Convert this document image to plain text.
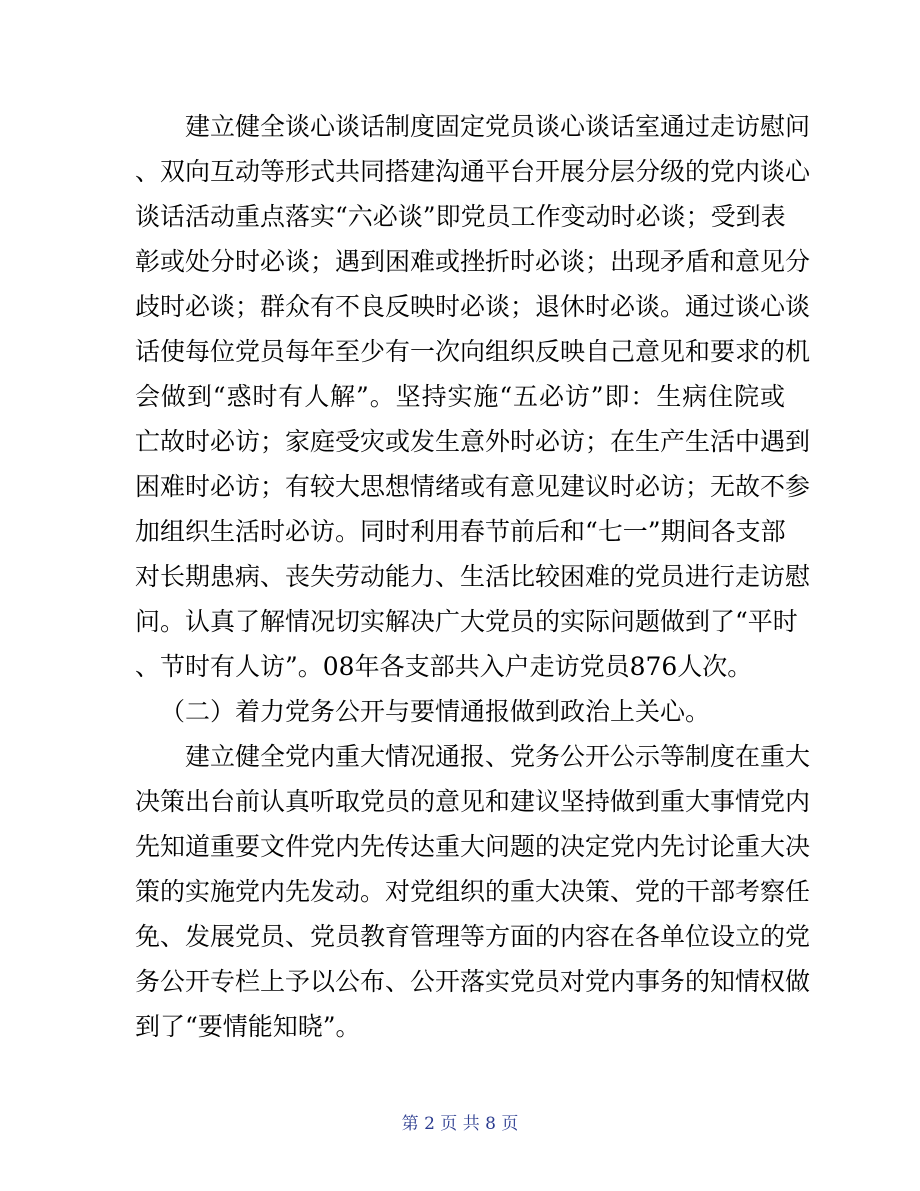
建立健全谈心谈话制度固定党员谈心谈话室通过走访慰问
、双向互动等形式共同搭建沟通平台开展分层分级的党内谈心
谈话活动重点落实“六必谈”即党员工作变动时必谈；受到表
彰或处分时必谈；遇到困难或挫折时必谈；出现矛盾和意见分
歧时必谈；群众有不良反映时必谈；退休时必谈。通过谈心谈
话使每位党员每年至少有一次向组织反映自己意见和要求的机
会做到“惑时有人解”。坚持实施“五必访”即：生病住院或
亡故时必访；家庭受灾或发生意外时必访；在生产生活中遇到
困难时必访；有较大思想情绪或有意见建议时必访；无故不参
加组织生活时必访。同时利用春节前后和“七一”期间各支部
对长期患病、丧失劳动能力、生活比较困难的党员进行走访慰
问。认真了解情况切实解决广大党员的实际问题做到了“平时
、节时有人访”。08年各支部共入户走访党员876人次。
（二）着力党务公开与要情通报做到政治上关心。
建立健全党内重大情况通报、党务公开公示等制度在重大
决策出台前认真听取党员的意见和建议坚持做到重大事情党内
先知道重要文件党内先传达重大问题的决定党内先讨论重大决
策的实施党内先发动。对党组织的重大决策、党的干部考察任
免、发展党员、党员教育管理等方面的内容在各单位设立的党
务公开专栏上予以公布、公开落实党员对党内事务的知情权做
到了“要情能知晓”。
第 2 页 共 8 页
